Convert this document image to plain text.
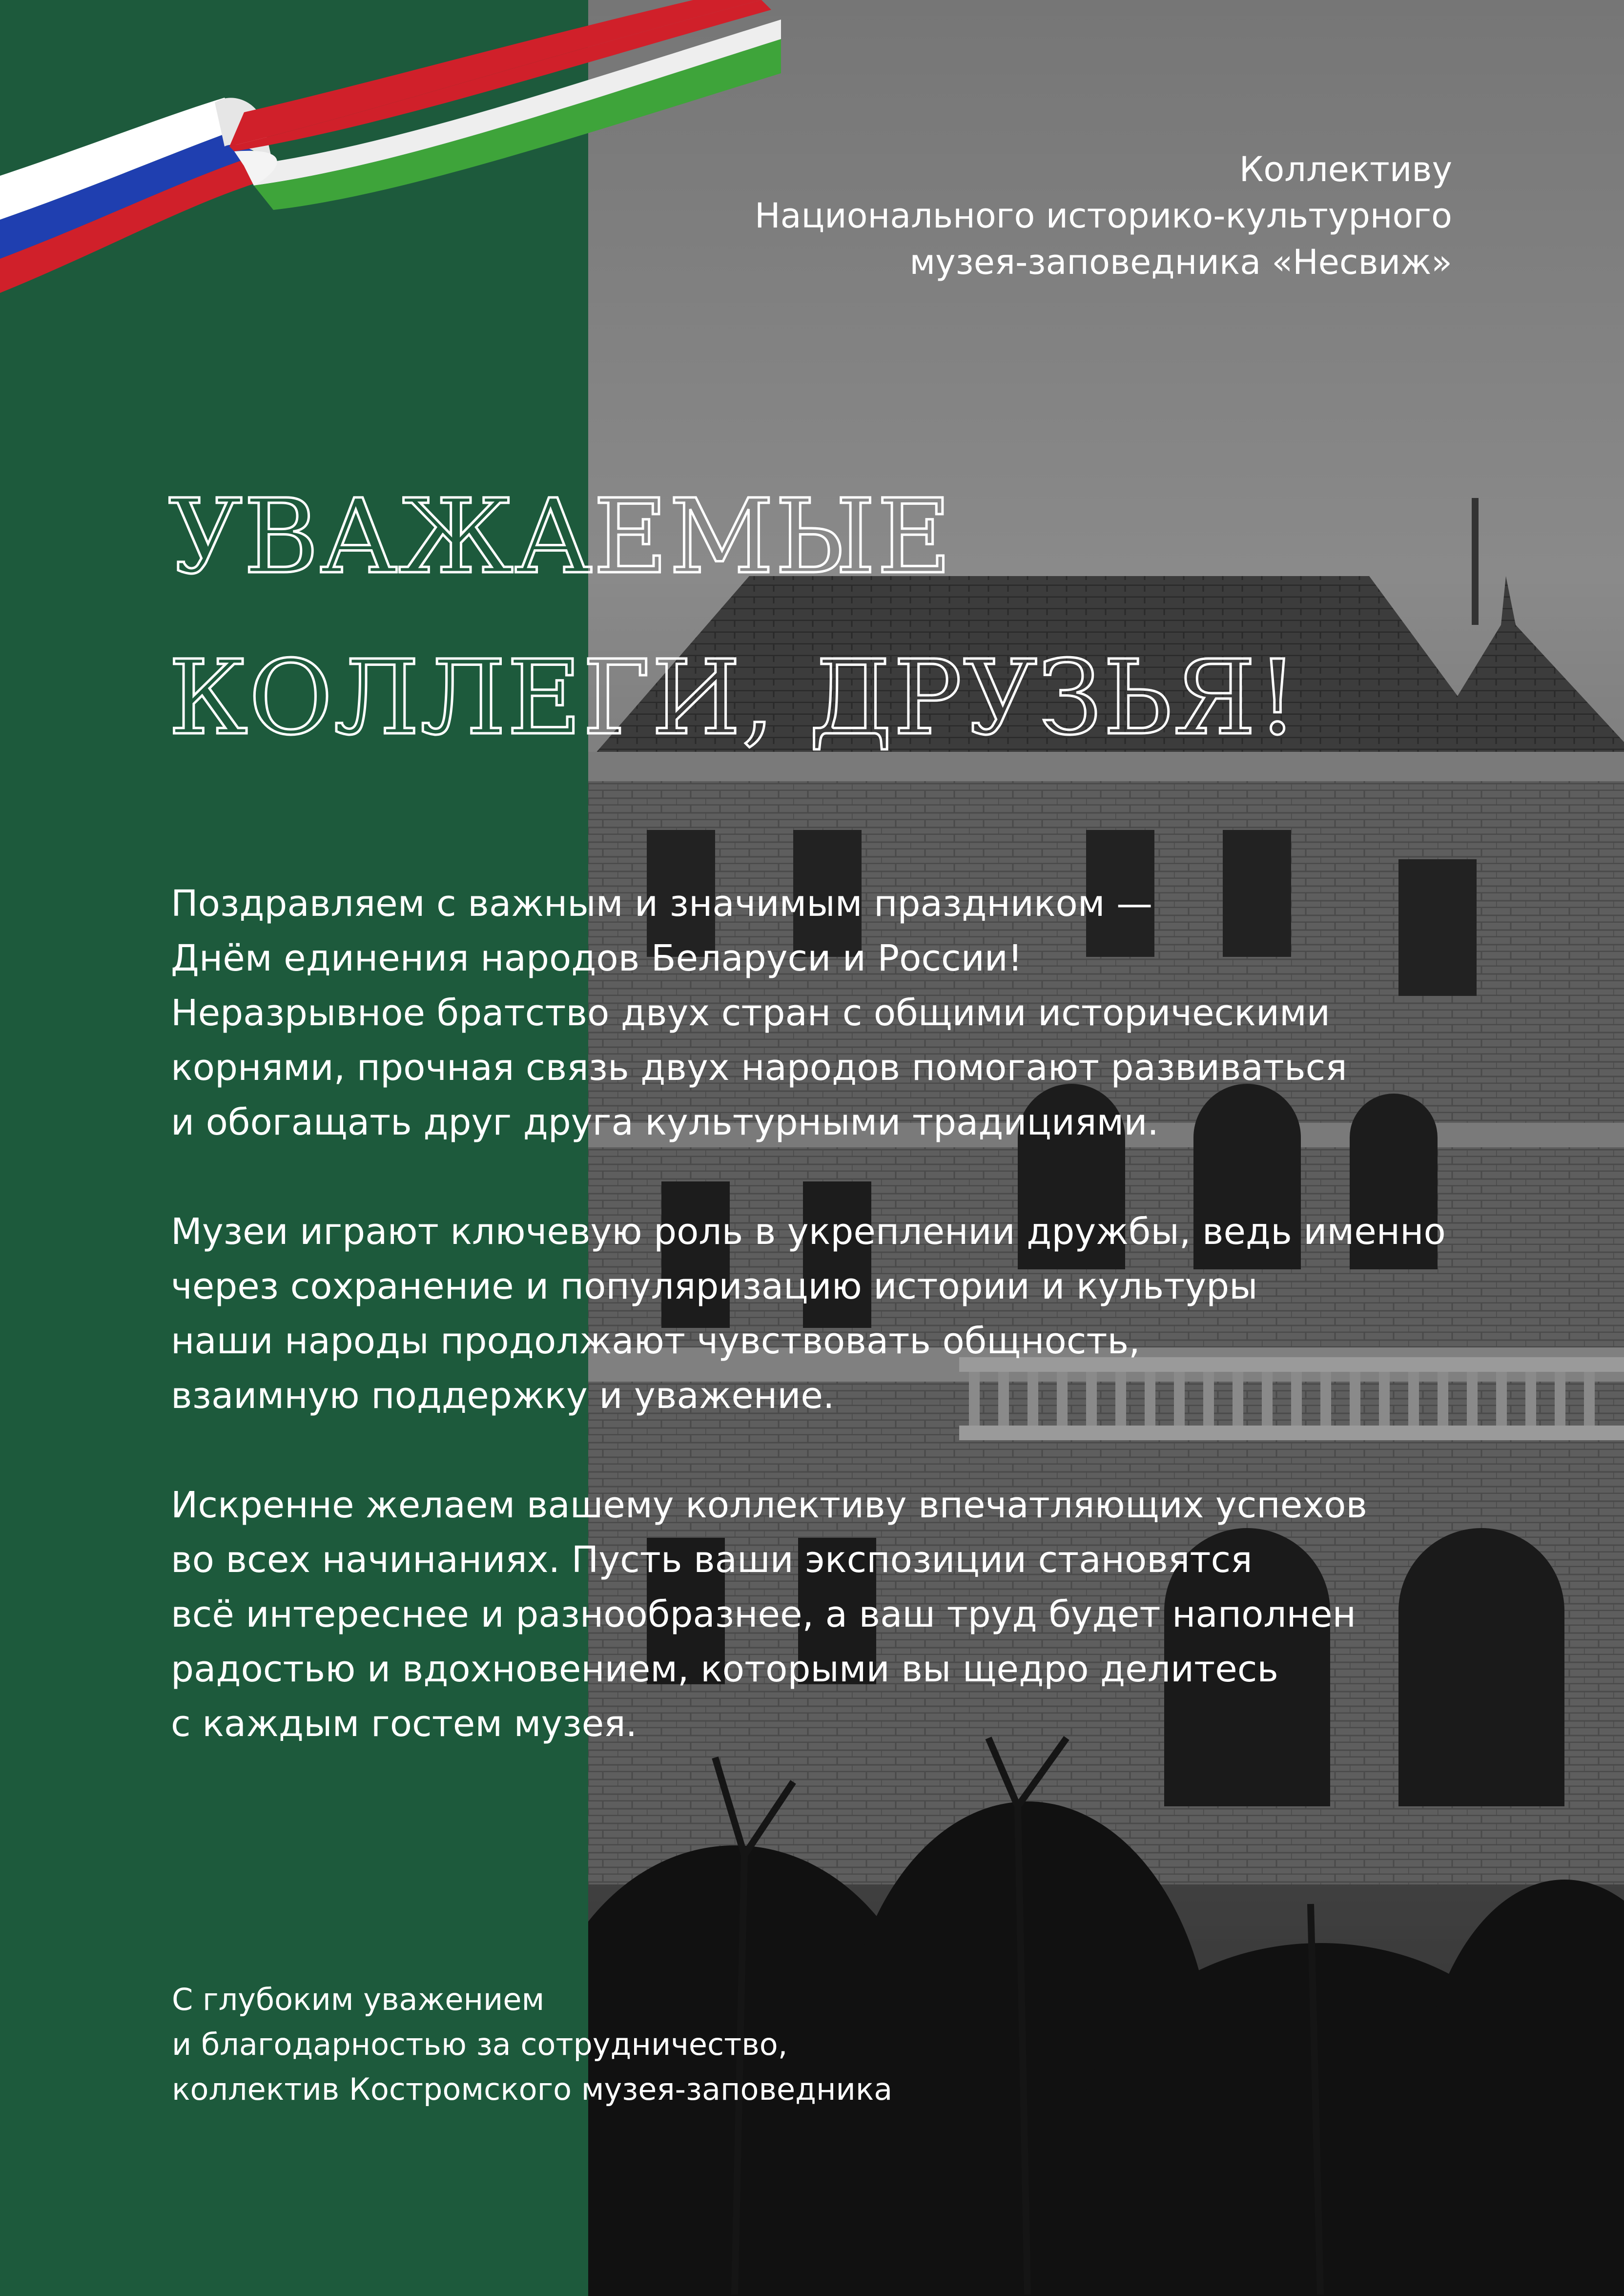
Коллективу
Национального историко-культурного
музея-заповедника «Несвиж»
УВАЖАЕМЫЕ
КОЛЛЕГИ, ДРУЗЬЯ!
Поздравляем с важным и значимым праздником —
Днём единения народов Беларуси и России!
Неразрывное братство двух стран с общими историческими
корнями, прочная связь двух народов помогают развиваться
и обогащать друг друга культурными традициями.
Музеи играют ключевую роль в укреплении дружбы, ведь именно
через сохранение и популяризацию истории и культуры
наши народы продолжают чувствовать общность,
взаимную поддержку и уважение.
Искренне желаем вашему коллективу впечатляющих успехов
во всех начинаниях. Пусть ваши экспозиции становятся
всё интереснее и разнообразнее, а ваш труд будет наполнен
радостью и вдохновением, которыми вы щедро делитесь
с каждым гостем музея.
С глубоким уважением
и благодарностью за сотрудничество,
коллектив Костромского музея-заповедника
